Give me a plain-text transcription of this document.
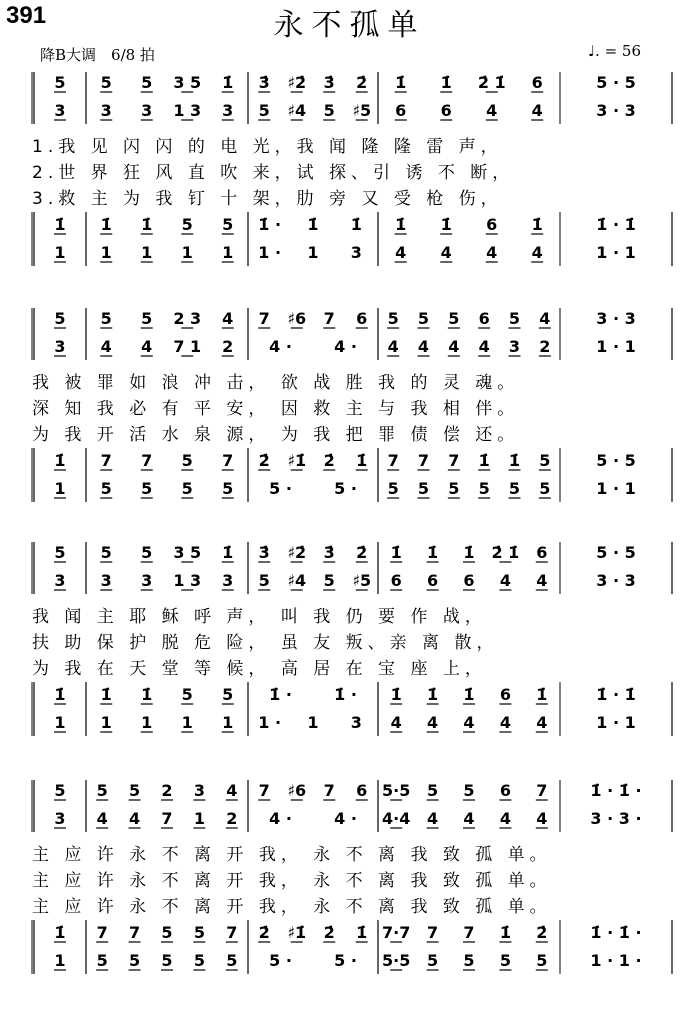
391	永不孤单
降B大调　6/8 拍	♩. = 56
5 5 5 3 5 1̇ 3̇ ♯2̇ 3̇ 2̇ 1̇ 1̇ 2̇ 1̇ 6	5 · 5
3 3 3 1 3 3 5 ♯4 5 ♯5 6 6 4 4	3 · 3
1̇ 1̇ 1̇ 5 5 1̇ · 1̇ 1̇ 1̇ 1̇ 6 1̇	1̇ · 1̇
1 1 1 1 1 1 · 1 3 4 4 4 4	1 · 1
1.我 见 闪 闪 的 电 光，我 闻 隆 隆 雷 声，
2.世 界 狂 风 直 吹 来，试 探、引 诱 不 断，
3.救 主 为 我 钉 十 架，肋 旁 又 受 枪 伤，
5 5 5 2 3 4 7 ♯6 7 6 5 5 5 6 5 4	3 · 3
3 4 4 7 1 2 4 ·	4 · 4 4 4 4 3 2	1 · 1
1̇ 7 7 5 7 2̇ ♯1̇ 2̇ 1̇ 7 7 7 1̇ 1̇ 5	5 · 5
1 5 5 5 5 5 ·	5 · 5 5 5 5 5 5	1 · 1
我 被 罪 如 浪 冲 击， 欲 战 胜 我 的 灵 魂。
深 知 我 必 有 平 安， 因 救 主 与 我 相 伴。
为 我 开 活 水 泉 源， 为 我 把 罪 债 偿 还。
5 5 5 3 5 1̇ 3̇ ♯2̇ 3̇ 2̇ 1̇ 1̇ 1̇ 2̇ 1̇ 6	5 · 5
3 3 3 1 3 3 5 ♯4 5 ♯5 6 6 6 4 4	3 · 3
1̇ 1̇ 1̇ 5 5 1̇ ·	1̇ · 1̇ 1̇ 1̇ 6 1̇	1̇ · 1̇
1 1 1 1 1 1 · 1 3 4 4 4 4 4	1 · 1
我 闻 主 耶 稣 呼 声， 叫 我 仍 要 作 战，
扶 助 保 护 脱 危 险， 虽 友 叛、亲 离 散，
为 我 在 天 堂 等 候， 高 居 在 宝 座 上，
5 5 5 2 3 4 7 ♯6 7 6 5·5 5 5 6 7	1̇ · 1̇ ·
3 4 4 7 1 2 4 ·	4 · 4·4 4 4 4 4	3 · 3 ·
1̇ 7 7 5 5 7 2̇ ♯1̇ 2̇ 1̇ 7·7 7 7 1̇ 2̇	1̇ · 1̇ ·
1 5 5 5 5 5 5 ·	5 · 5·5 5 5 5 5	1 · 1 ·
主 应 许 永 不 离 开 我， 永 不 离 我 致 孤 单。
主 应 许 永 不 离 开 我， 永 不 离 我 致 孤 单。
主 应 许 永 不 离 开 我， 永 不 离 我 致 孤 单。
